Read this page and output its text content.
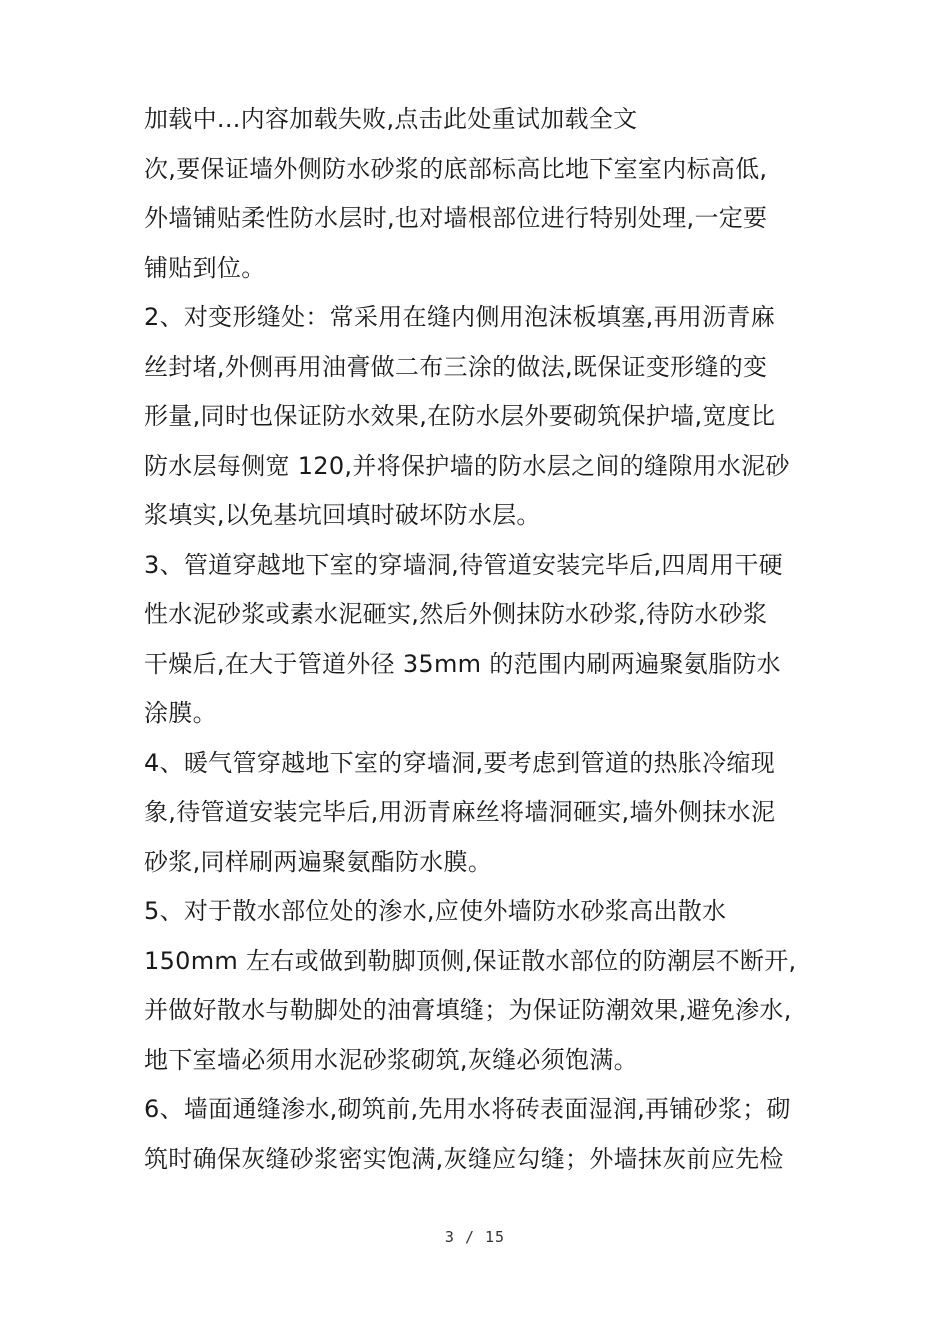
加载中...内容加载失败,点击此处重试加载全文
次,要保证墙外侧防水砂浆的底部标高比地下室室内标高低,
外墙铺贴柔性防水层时,也对墙根部位进行特别处理,一定要
铺贴到位。
2、对变形缝处：常采用在缝内侧用泡沫板填塞,再用沥青麻
丝封堵,外侧再用油膏做二布三涂的做法,既保证变形缝的变
形量,同时也保证防水效果,在防水层外要砌筑保护墙,宽度比
防水层每侧宽 120,并将保护墙的防水层之间的缝隙用水泥砂
浆填实,以免基坑回填时破坏防水层。
3、管道穿越地下室的穿墙洞,待管道安装完毕后,四周用干硬
性水泥砂浆或素水泥砸实,然后外侧抹防水砂浆,待防水砂浆
干燥后,在大于管道外径 35mm 的范围内刷两遍聚氨脂防水
涂膜。
4、暖气管穿越地下室的穿墙洞,要考虑到管道的热胀冷缩现
象,待管道安装完毕后,用沥青麻丝将墙洞砸实,墙外侧抹水泥
砂浆,同样刷两遍聚氨酯防水膜。
5、对于散水部位处的渗水,应使外墙防水砂浆高出散水
150mm 左右或做到勒脚顶侧,保证散水部位的防潮层不断开,
并做好散水与勒脚处的油膏填缝；为保证防潮效果,避免渗水,
地下室墙必须用水泥砂浆砌筑,灰缝必须饱满。
6、墙面通缝渗水,砌筑前,先用水将砖表面湿润,再铺砂浆；砌
筑时确保灰缝砂浆密实饱满,灰缝应勾缝；外墙抹灰前应先检
3 / 15
